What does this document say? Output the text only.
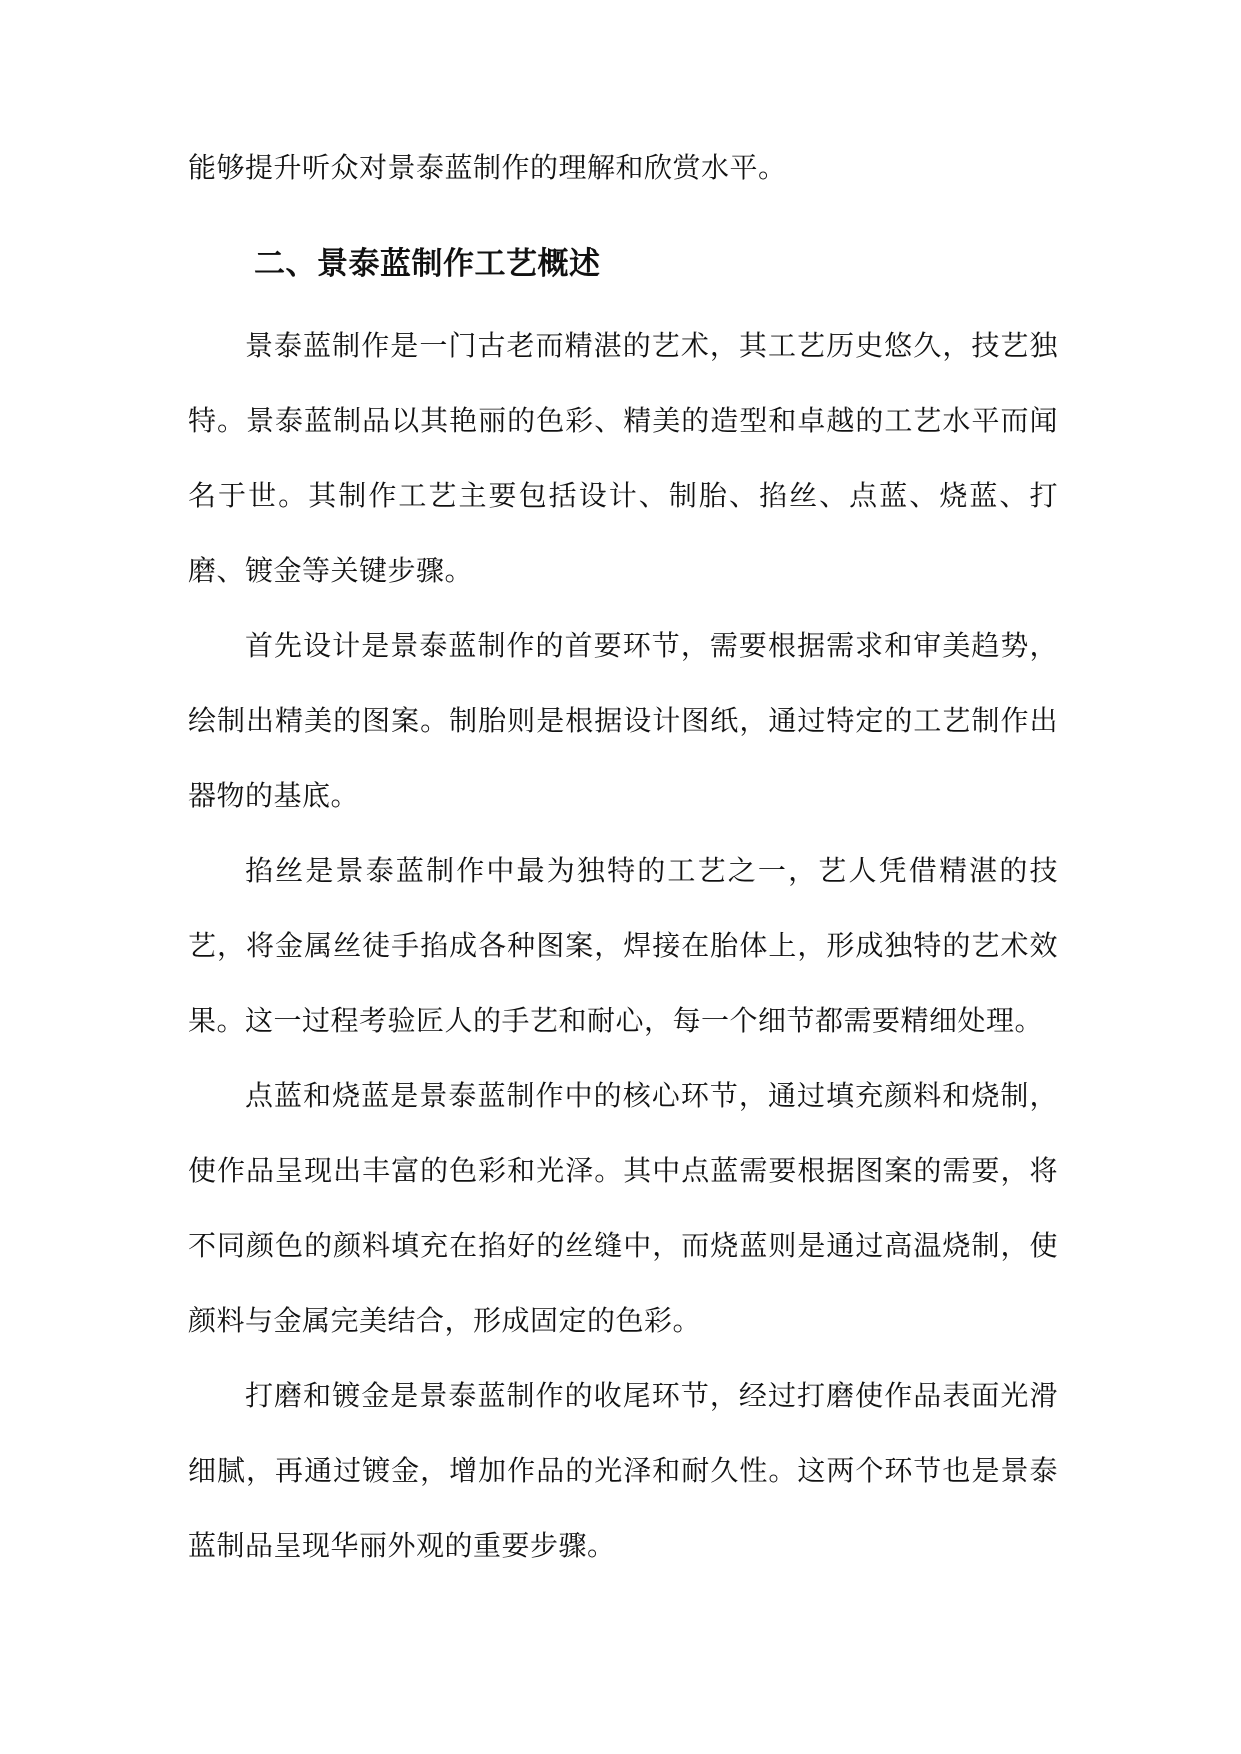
能够提升听众对景泰蓝制作的理解和欣赏水平。

二、景泰蓝制作工艺概述

景泰蓝制作是一门古老而精湛的艺术，其工艺历史悠久，技艺独特。景泰蓝制品以其艳丽的色彩、精美的造型和卓越的工艺水平而闻名于世。其制作工艺主要包括设计、制胎、掐丝、点蓝、烧蓝、打磨、镀金等关键步骤。

首先设计是景泰蓝制作的首要环节，需要根据需求和审美趋势，绘制出精美的图案。制胎则是根据设计图纸，通过特定的工艺制作出器物的基底。

掐丝是景泰蓝制作中最为独特的工艺之一，艺人凭借精湛的技艺，将金属丝徒手掐成各种图案，焊接在胎体上，形成独特的艺术效果。这一过程考验匠人的手艺和耐心，每一个细节都需要精细处理。

点蓝和烧蓝是景泰蓝制作中的核心环节，通过填充颜料和烧制，使作品呈现出丰富的色彩和光泽。其中点蓝需要根据图案的需要，将不同颜色的颜料填充在掐好的丝缝中，而烧蓝则是通过高温烧制，使颜料与金属完美结合，形成固定的色彩。

打磨和镀金是景泰蓝制作的收尾环节，经过打磨使作品表面光滑细腻，再通过镀金，增加作品的光泽和耐久性。这两个环节也是景泰蓝制品呈现华丽外观的重要步骤。
